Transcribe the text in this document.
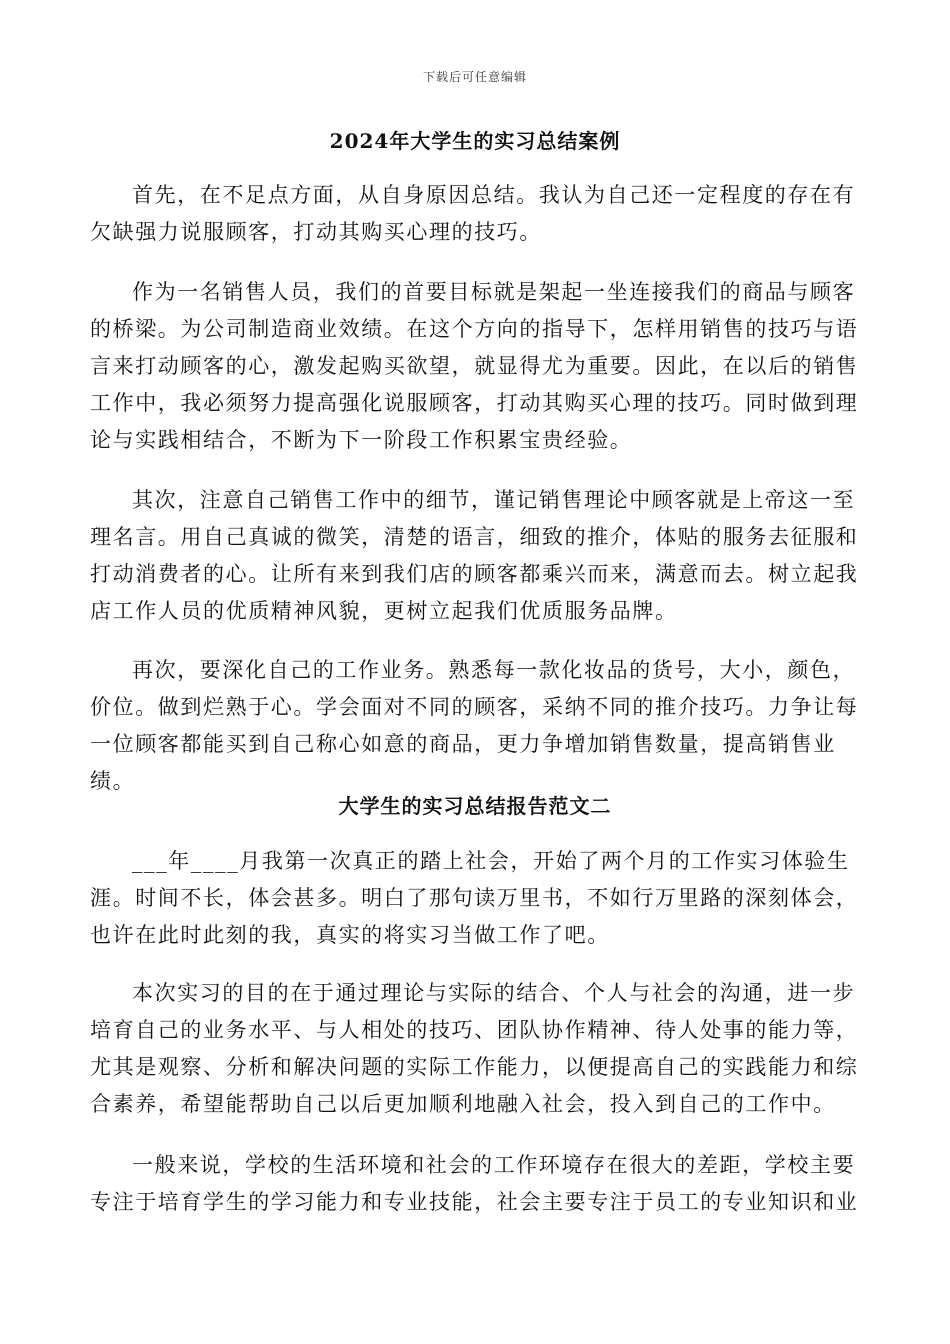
下载后可任意编辑
2024年大学生的实习总结案例

首先，在不足点方面，从自身原因总结。我认为自己还一定程度的存在有欠缺强力说服顾客，打动其购买心理的技巧。

作为一名销售人员，我们的首要目标就是架起一坐连接我们的商品与顾客的桥梁。为公司制造商业效绩。在这个方向的指导下，怎样用销售的技巧与语言来打动顾客的心，激发起购买欲望，就显得尤为重要。因此，在以后的销售工作中，我必须努力提高强化说服顾客，打动其购买心理的技巧。同时做到理论与实践相结合，不断为下一阶段工作积累宝贵经验。

其次，注意自己销售工作中的细节，谨记销售理论中顾客就是上帝这一至理名言。用自己真诚的微笑，清楚的语言，细致的推介，体贴的服务去征服和打动消费者的心。让所有来到我们店的顾客都乘兴而来，满意而去。树立起我店工作人员的优质精神风貌，更树立起我们优质服务品牌。

再次，要深化自己的工作业务。熟悉每一款化妆品的货号，大小，颜色，价位。做到烂熟于心。学会面对不同的顾客，采纳不同的推介技巧。力争让每一位顾客都能买到自己称心如意的商品，更力争增加销售数量，提高销售业绩。

大学生的实习总结报告范文二

___年____月我第一次真正的踏上社会，开始了两个月的工作实习体验生涯。时间不长，体会甚多。明白了那句读万里书，不如行万里路的深刻体会，也许在此时此刻的我，真实的将实习当做工作了吧。

本次实习的目的在于通过理论与实际的结合、个人与社会的沟通，进一步培育自己的业务水平、与人相处的技巧、团队协作精神、待人处事的能力等，尤其是观察、分析和解决问题的实际工作能力，以便提高自己的实践能力和综合素养，希望能帮助自己以后更加顺利地融入社会，投入到自己的工作中。

一般来说，学校的生活环境和社会的工作环境存在很大的差距，学校主要专注于培育学生的学习能力和专业技能，社会主要专注于员工的专业知识和业
